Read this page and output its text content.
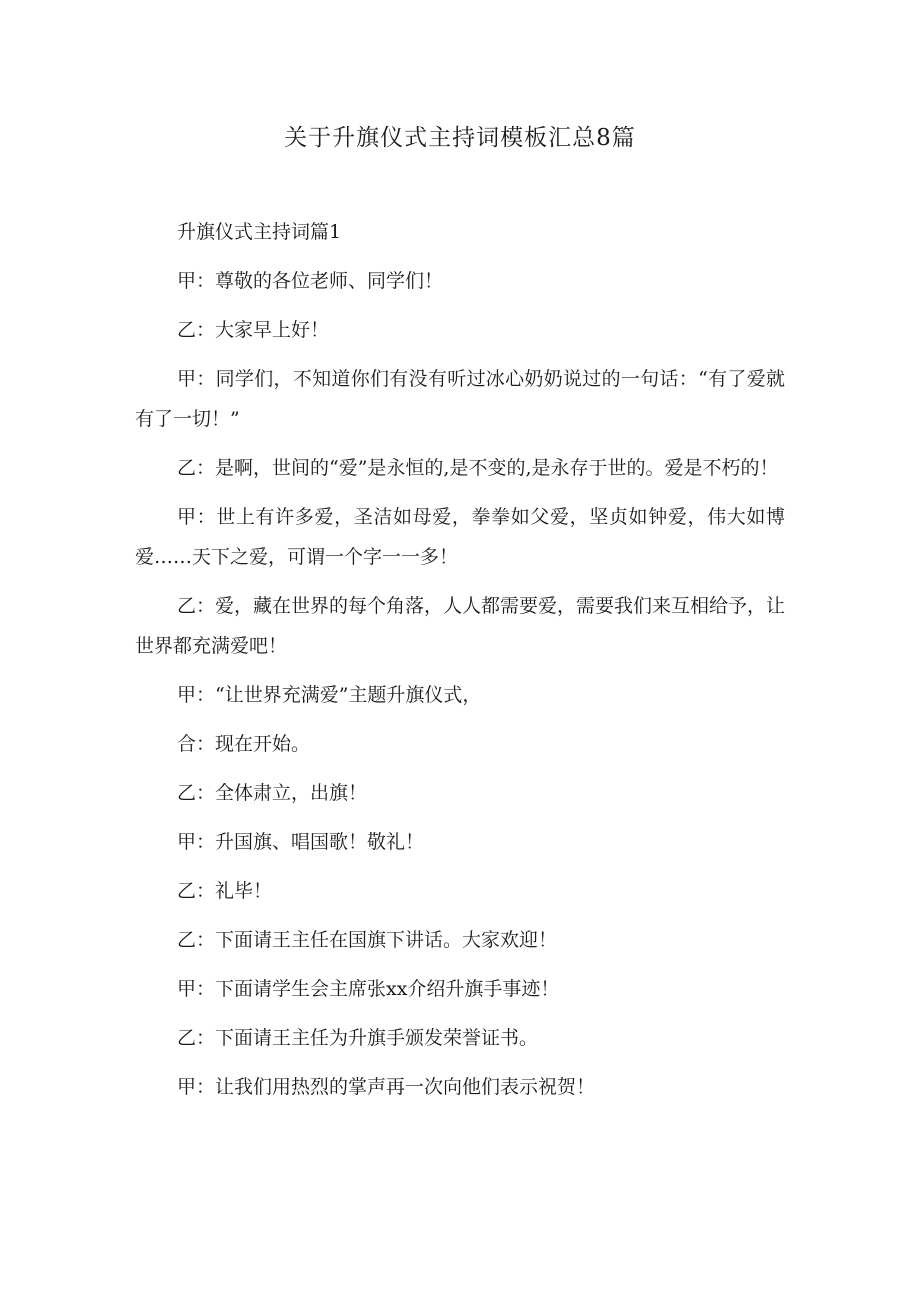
关于升旗仪式主持词模板汇总8篇

升旗仪式主持词篇1

甲：尊敬的各位老师、同学们！

乙：大家早上好！

甲：同学们，不知道你们有没有听过冰心奶奶说过的一句话：“有了爱就有了一切！”

乙：是啊，世间的“爱”是永恒的,是不变的,是永存于世的。爱是不朽的！

甲：世上有许多爱，圣洁如母爱，拳拳如父爱，坚贞如钟爱，伟大如博爱……天下之爱，可谓一个字一一多！

乙：爱，藏在世界的每个角落，人人都需要爱，需要我们来互相给予，让世界都充满爱吧！

甲：“让世界充满爱”主题升旗仪式，

合：现在开始。

乙：全体肃立，出旗！

甲：升国旗、唱国歌！敬礼！

乙：礼毕！

乙：下面请王主任在国旗下讲话。大家欢迎！

甲：下面请学生会主席张xx介绍升旗手事迹！

乙：下面请王主任为升旗手颁发荣誉证书。

甲：让我们用热烈的掌声再一次向他们表示祝贺！
